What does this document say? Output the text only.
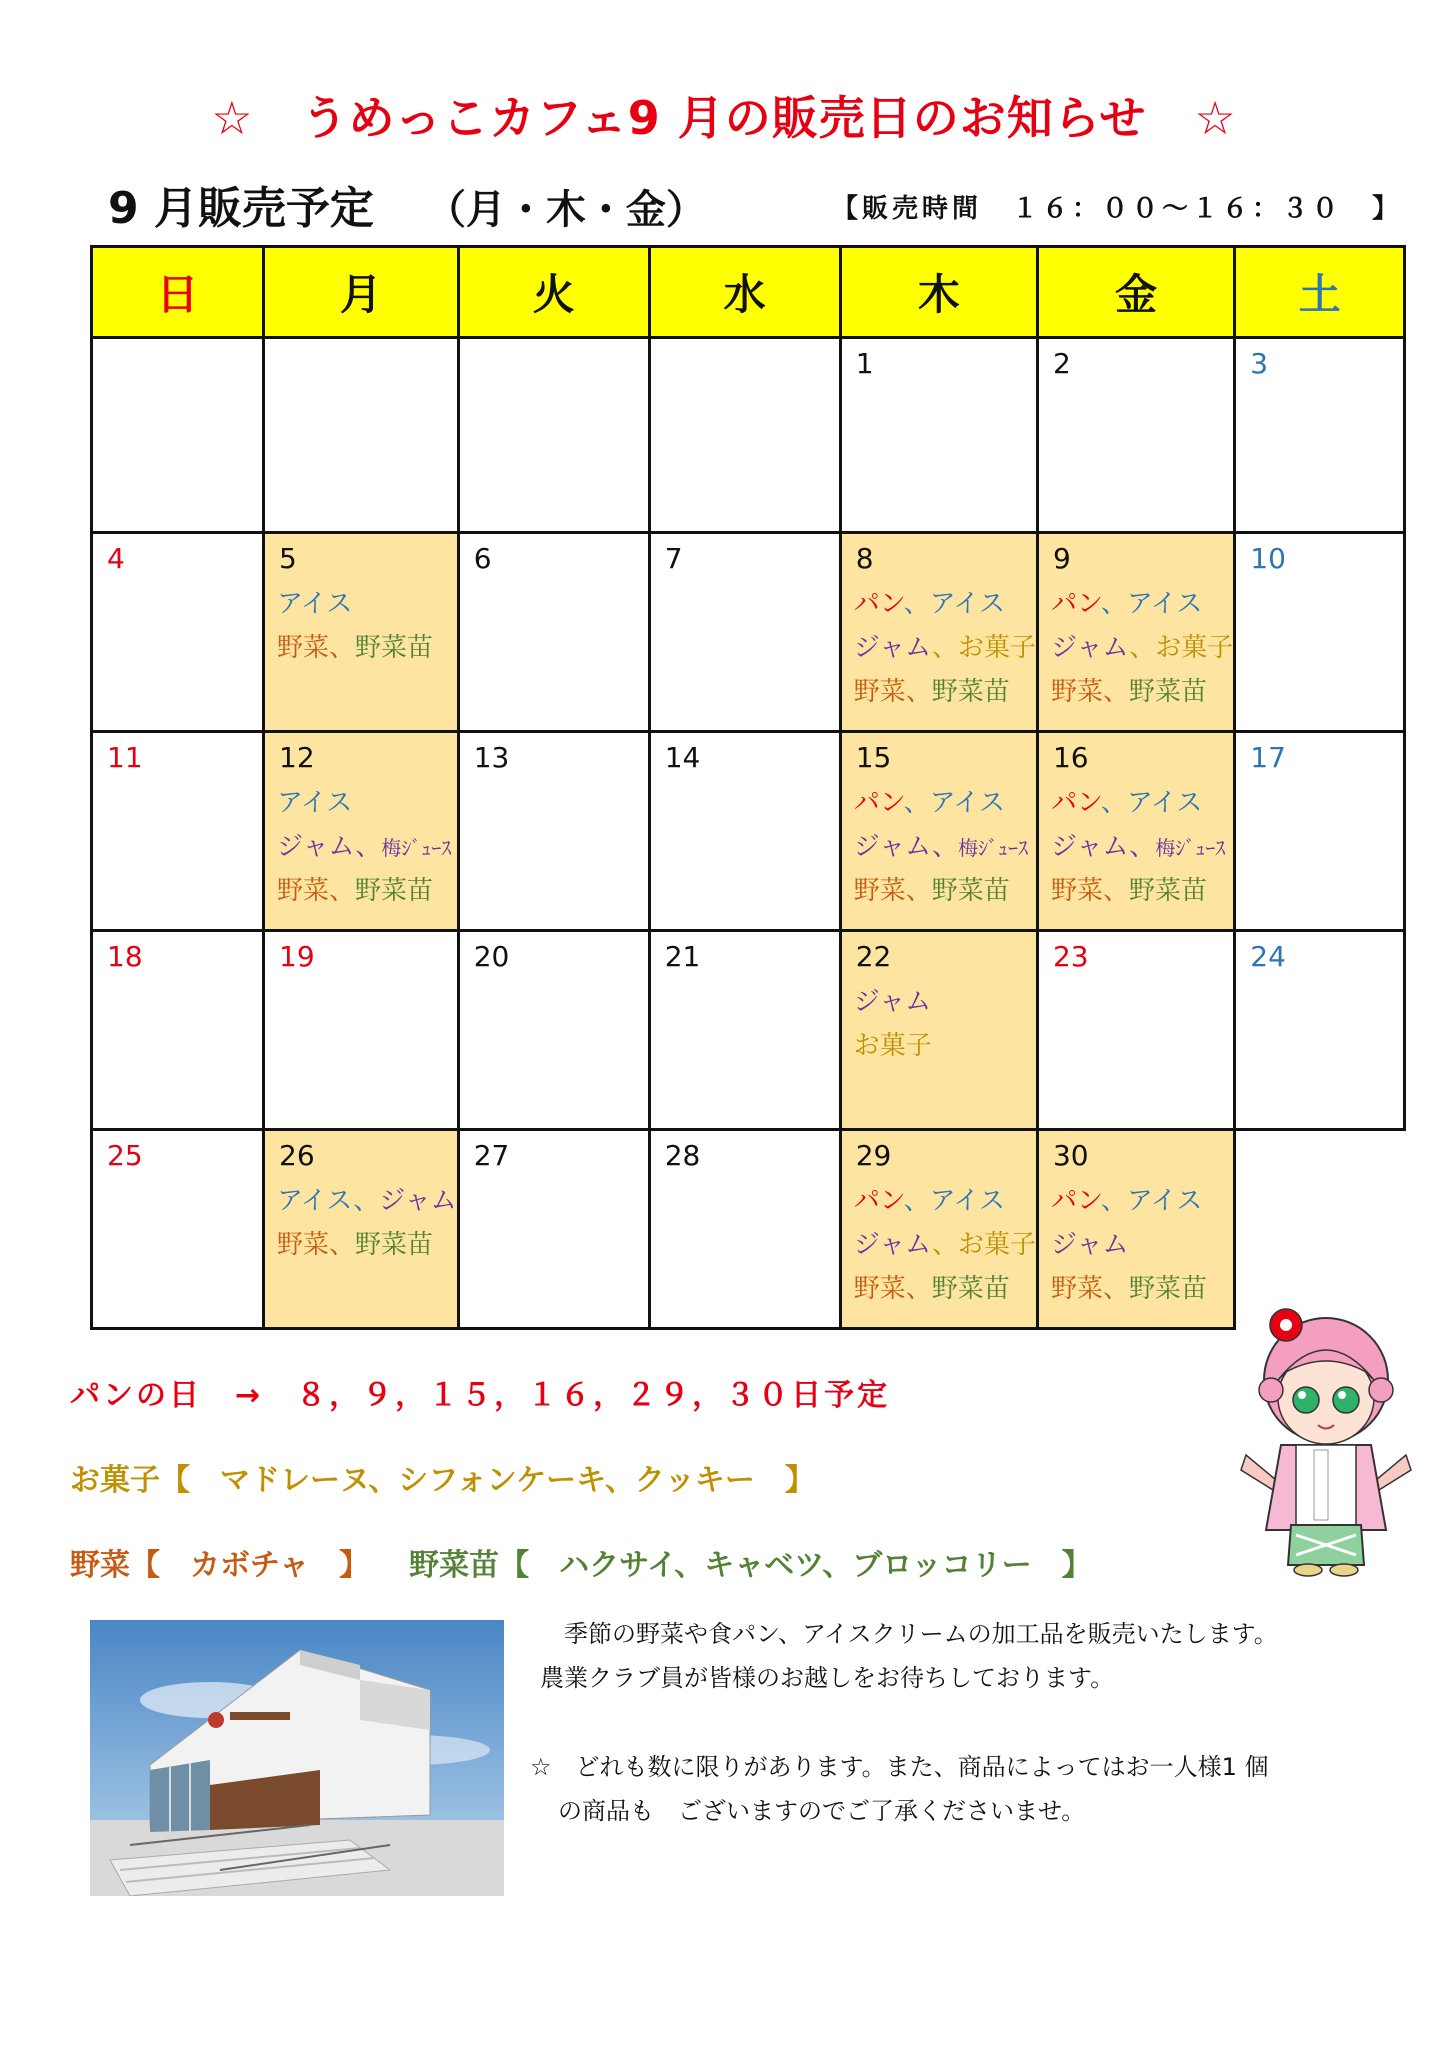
☆ うめっこカフェ9 月の販売日のお知らせ ☆
9 月販売予定 （月・木・金）	【販売時間　１６：００〜１６：３０　】
日	月	火	水	木	金	土

				1	2	3

4	5
アイス
野菜、野菜苗	6	7	8
パン、アイス
ジャム、お菓子
野菜、野菜苗	9
パン、アイス
ジャム、お菓子
野菜、野菜苗	10

11	12
アイス
ジャム、梅ｼﾞｭｰｽ
野菜、野菜苗	13	14	15
パン、アイス
ジャム、梅ｼﾞｭｰｽ
野菜、野菜苗	16
パン、アイス
ジャム、梅ｼﾞｭｰｽ
野菜、野菜苗	17

18	19	20	21	22
ジャム
お菓子	23	24

25	26
アイス、ジャム
野菜、野菜苗	27	28	29
パン、アイス
ジャム、お菓子
野菜、野菜苗	30
パン、アイス
ジャム
野菜、野菜苗	

パンの日　→　８，９，１５，１６，２９，３０日予定
お菓子【　マドレーヌ、シフォンケーキ、クッキー　】
野菜【　カボチャ　】 野菜苗【　ハクサイ、キャベツ、ブロッコリー　】
季節の野菜や食パン、アイスクリームの加工品を販売いたします。
農業クラブ員が皆様のお越しをお待ちしております。
☆　どれも数に限りがあります。また、商品によってはお一人様1 個
の商品も　ございますのでご了承くださいませ。
